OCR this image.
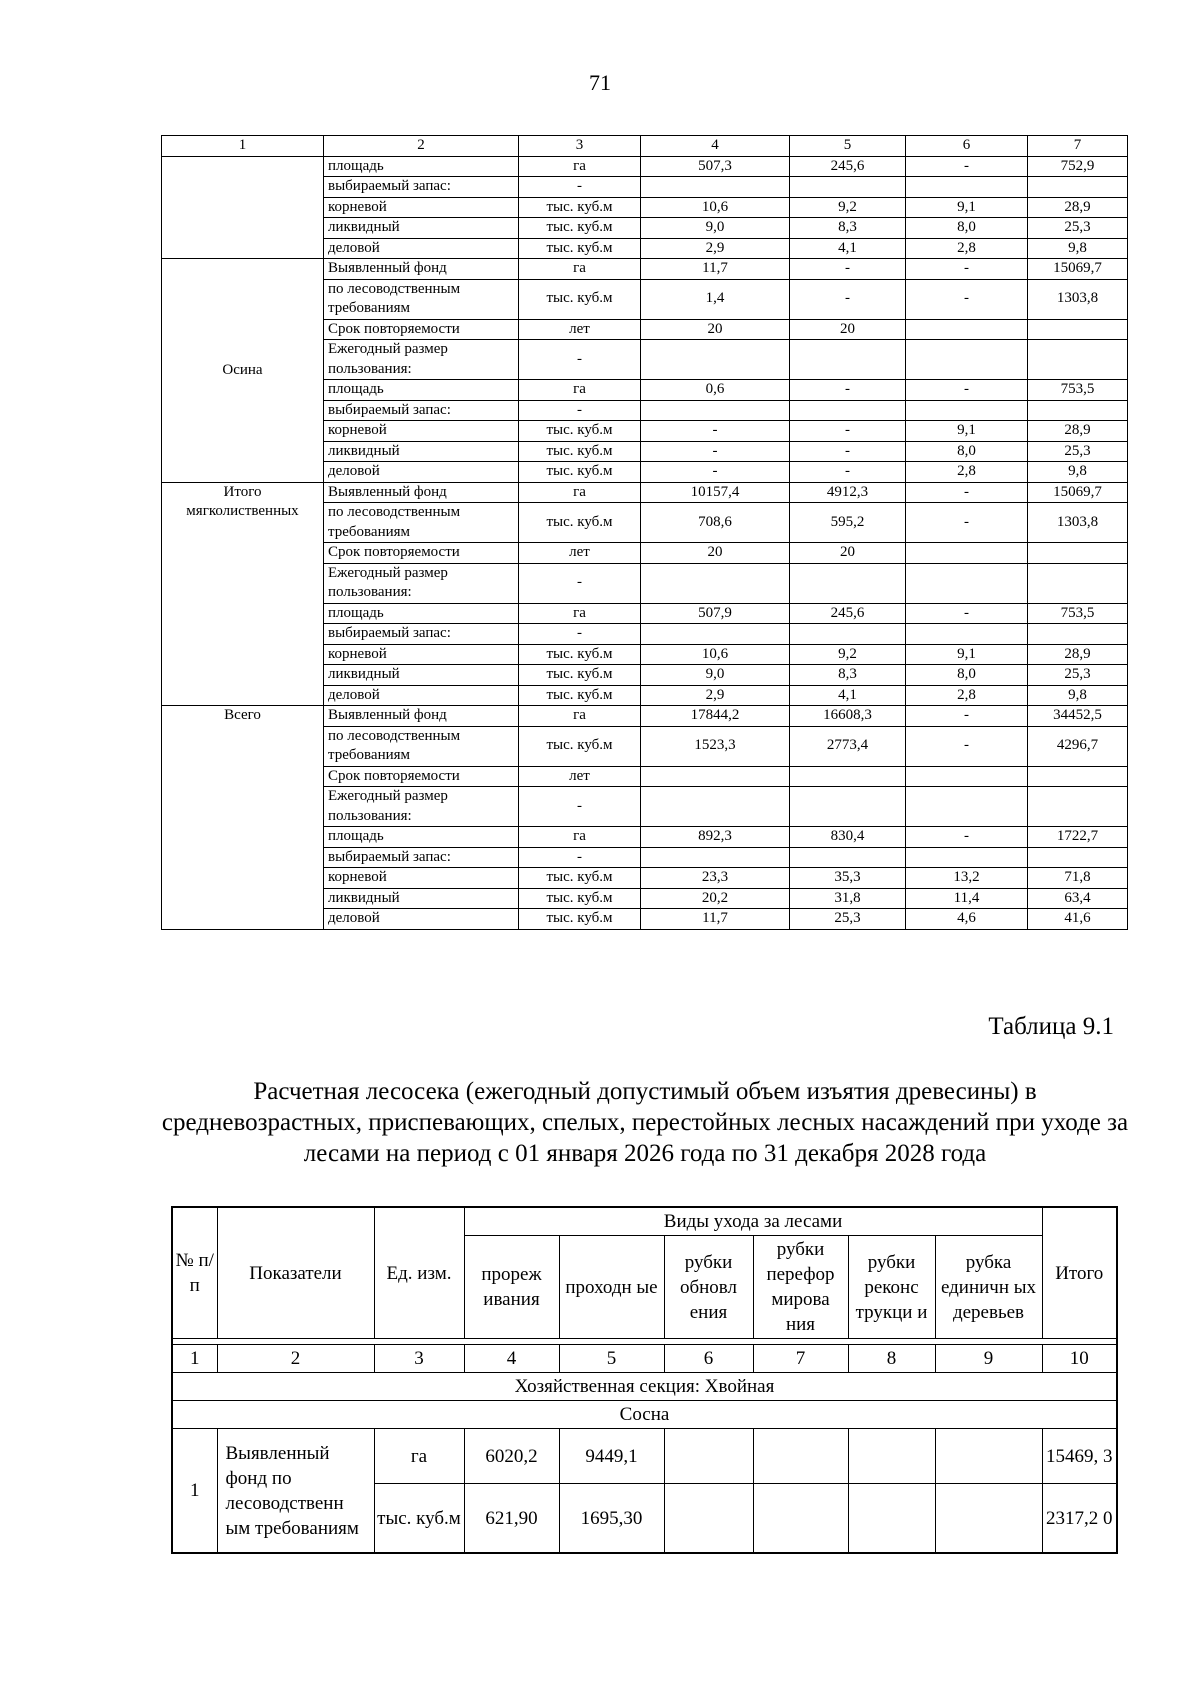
71
1	2	3	4	5	6	7
	площадь	га	507,3	245,6	-	752,9
	выбираемый запас:	-				
	корневой	тыс. куб.м	10,6	9,2	9,1	28,9
	ликвидный	тыс. куб.м	9,0	8,3	8,0	25,3
	деловой	тыс. куб.м	2,9	4,1	2,8	9,8
Осина	Выявленный фонд	га	11,7	-	-	15069,7
	по лесоводственным требованиям	тыс. куб.м	1,4	-	-	1303,8
	Срок повторяемости	лет	20	20		
	Ежегодный размер пользования:	-				
	площадь	га	0,6	-	-	753,5
	выбираемый запас:	-				
	корневой	тыс. куб.м	-	-	9,1	28,9
	ликвидный	тыс. куб.м	-	-	8,0	25,3
	деловой	тыс. куб.м	-	-	2,8	9,8
Итого мягколиственных	Выявленный фонд	га	10157,4	4912,3	-	15069,7
	по лесоводственным требованиям	тыс. куб.м	708,6	595,2	-	1303,8
	Срок повторяемости	лет	20	20		
	Ежегодный размер пользования:	-				
	площадь	га	507,9	245,6	-	753,5
	выбираемый запас:	-				
	корневой	тыс. куб.м	10,6	9,2	9,1	28,9
	ликвидный	тыс. куб.м	9,0	8,3	8,0	25,3
	деловой	тыс. куб.м	2,9	4,1	2,8	9,8
Всего	Выявленный фонд	га	17844,2	16608,3	-	34452,5
	по лесоводственным требованиям	тыс. куб.м	1523,3	2773,4	-	4296,7
	Срок повторяемости	лет				
	Ежегодный размер пользования:	-				
	площадь	га	892,3	830,4	-	1722,7
	выбираемый запас:	-				
	корневой	тыс. куб.м	23,3	35,3	13,2	71,8
	ликвидный	тыс. куб.м	20,2	31,8	11,4	63,4
	деловой	тыс. куб.м	11,7	25,3	4,6	41,6
Таблица 9.1
Расчетная лесосека (ежегодный допустимый объем изъятия древесины) в средневозрастных, приспевающих, спелых, перестойных лесных насаждений при уходе за лесами на период с 01 января 2026 года по 31 декабря 2028 года
№ п/п	Показатели	Ед. изм.	Виды ухода за лесами						Итого
			прореж ивания	проходн ые	рубки обновл ения	рубки перефор мирова ния	рубки реконс трукци и	рубка единичн ых деревьев	

1	2	3	4	5	6	7	8	9	10
Хозяйственная секция: Хвойная									
Сосна									
1	Выявленный фонд по лесоводственн ым требованиям	га	6020,2	9449,1					15469, 3
		тыс. куб.м	621,90	1695,30					2317,2 0
